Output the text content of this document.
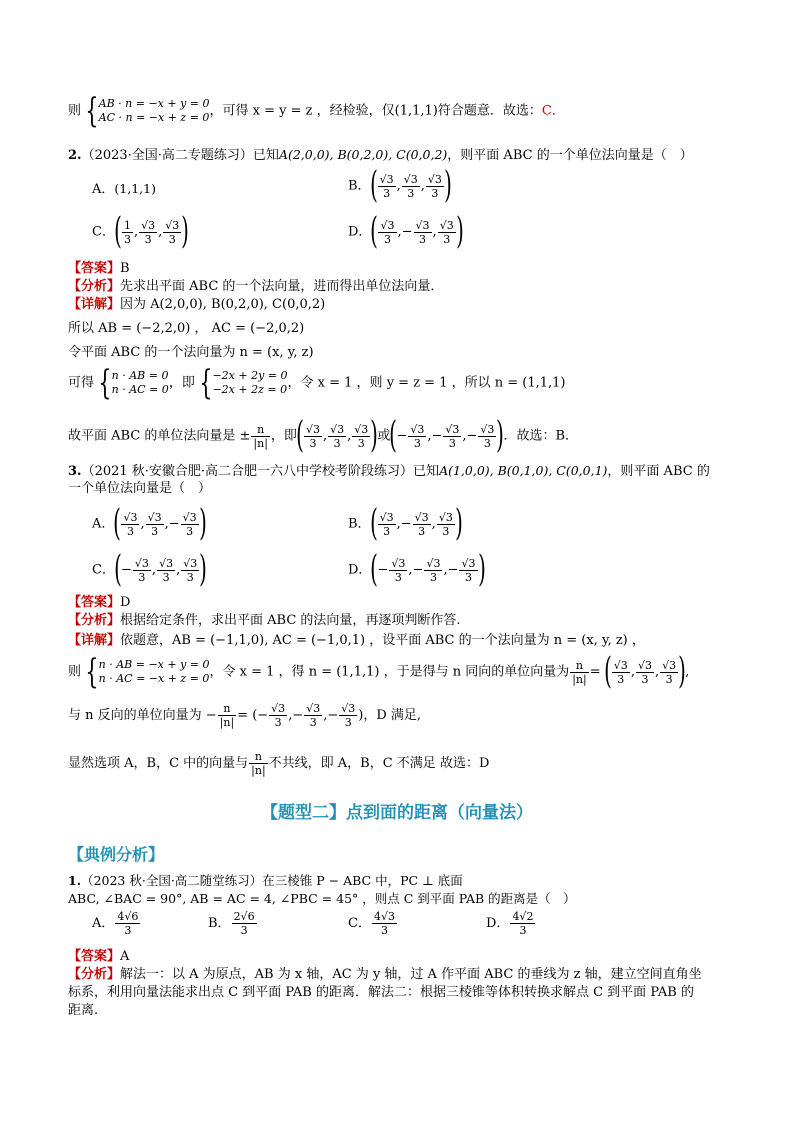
则 { AB · n = −x + y = 0
AC · n = −x + z = 0 ，可得 x = y = z ，经检验，仅(1,1,1)符合题意．故选：C．
2.（2023·全国·高二专题练习）已知A(2,0,0), B(0,2,0), C(0,0,2)，则平面 ABC 的一个单位法向量是（　）
A．(1,1,1)	B．( $\frac{√3}{3}$ , $\frac{√3}{3}$ , $\frac{√3}{3}$ )
C．( $\frac{1}{3}$ , $\frac{√3}{3}$ , $\frac{√3}{3}$ )	D．( $\frac{√3}{3}$ ,− $\frac{√3}{3}$ , $\frac{√3}{3}$ )
【答案】B
【分析】先求出平面 ABC 的一个法向量，进而得出单位法向量．
【详解】因为 A(2,0,0), B(0,2,0), C(0,0,2)
所以 AB = (−2,2,0) ， AC = (−2,0,2)
令平面 ABC 的一个法向量为 n = (x, y, z)
可得 { n · AB = 0
n · AC = 0 ，即 { −2x + 2y = 0
−2x + 2z = 0 ，令 x = 1 ，则 y = z = 1 ，所以 n = (1,1,1)
故平面 ABC 的单位法向量是 ± $\frac{n}{|n|}$ ，即( $\frac{√3}{3}$ , $\frac{√3}{3}$ , $\frac{√3}{3}$ )或(− $\frac{√3}{3}$ ,− $\frac{√3}{3}$ ,− $\frac{√3}{3}$ )．故选：B．
3.（2021 秋·安徽合肥·高二合肥一六八中学校考阶段练习）已知A(1,0,0), B(0,1,0), C(0,0,1)，则平面 ABC 的
一个单位法向量是（　）
A．( $\frac{√3}{3}$ , $\frac{√3}{3}$ ,− $\frac{√3}{3}$ )	B．( $\frac{√3}{3}$ ,− $\frac{√3}{3}$ , $\frac{√3}{3}$ )
C．(− $\frac{√3}{3}$ , $\frac{√3}{3}$ , $\frac{√3}{3}$ )	D．(− $\frac{√3}{3}$ ,− $\frac{√3}{3}$ ,− $\frac{√3}{3}$ )
【答案】D
【分析】根据给定条件，求出平面 ABC 的法向量，再逐项判断作答.
【详解】依题意，AB = (−1,1,0), AC = (−1,0,1) ，设平面 ABC 的一个法向量为 n = (x, y, z) ，
则 { n · AB = −x + y = 0
n · AC = −x + z = 0 ，令 x = 1 ，得 n = (1,1,1) ，于是得与 n 同向的单位向量为 $\frac{n}{|n|}$ = ( $\frac{√3}{3}$ , $\frac{√3}{3}$ , $\frac{√3}{3}$ ),
与 n 反向的单位向量为 − $\frac{n}{|n|}$ = (− $\frac{√3}{3}$ ,− $\frac{√3}{3}$ ,− $\frac{√3}{3}$ )，D 满足,
显然选项 A，B，C 中的向量与 $\frac{n}{|n|}$ 不共线，即 A，B，C 不满足 故选：D
【题型二】点到面的距离（向量法）
【典例分析】
1.（2023 秋·全国·高二随堂练习）在三棱锥 P − ABC 中，PC ⊥ 底面
ABC, ∠BAC = 90°, AB = AC = 4, ∠PBC = 45° ，则点 C 到平面 PAB 的距离是（　）
A． $\frac{4√6}{3}$	B． $\frac{2√6}{3}$	C． $\frac{4√3}{3}$	D． $\frac{4√2}{3}$
【答案】A
【分析】解法一：以 A 为原点，AB 为 x 轴，AC 为 y 轴，过 A 作平面 ABC 的垂线为 z 轴，建立空间直角坐
标系，利用向量法能求出点 C 到平面 PAB 的距离．解法二：根据三棱锥等体积转换求解点 C 到平面 PAB 的
距离.
